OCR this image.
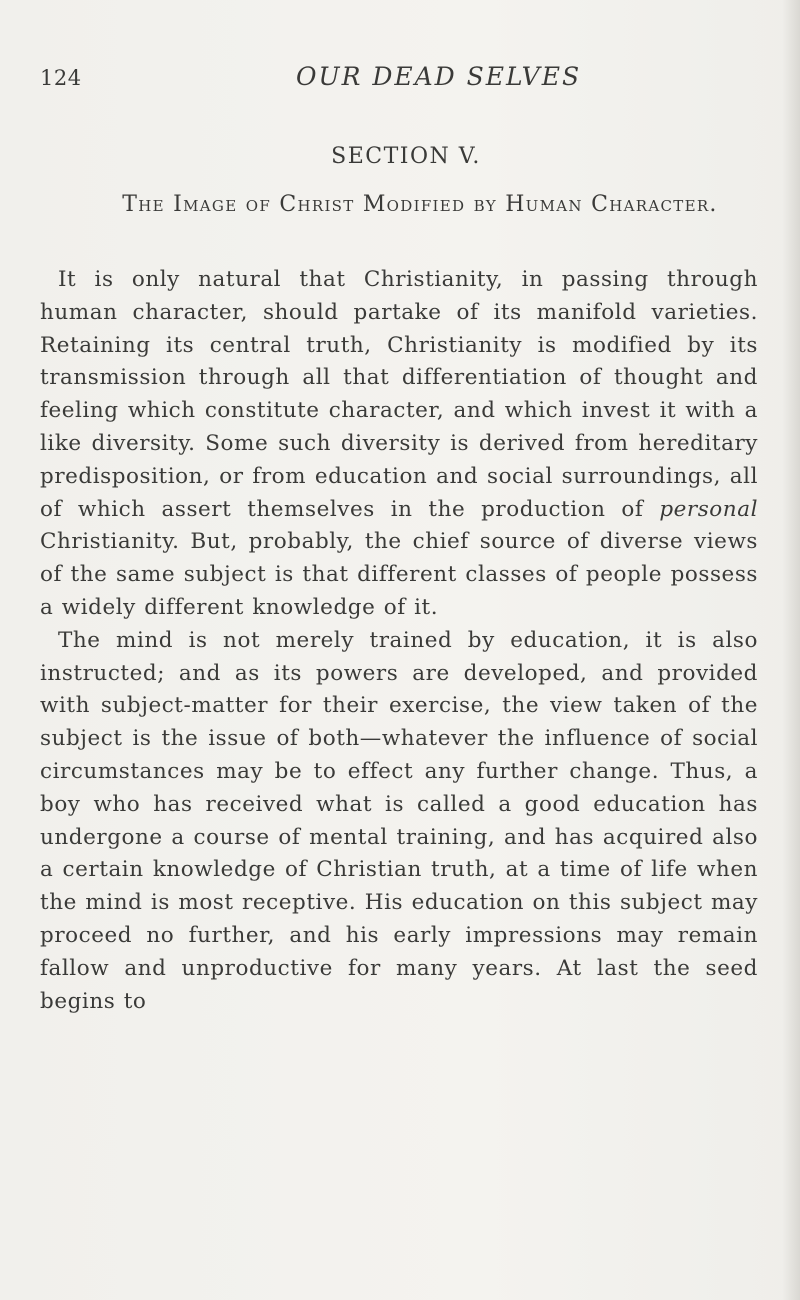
124	OUR DEAD SELVES
SECTION V.
The Image of Christ Modified by Human Character.

It is only natural that Christianity, in passing through human character, should partake of its manifold varieties. Retaining its central truth, Christianity is modified by its transmission through all that differentiation of thought and feeling which constitute character, and which invest it with a like diversity. Some such diversity is derived from hereditary predisposition, or from education and social surroundings, all of which assert themselves in the production of personal Christianity. But, probably, the chief source of diverse views of the same subject is that different classes of people possess a widely different knowledge of it.

The mind is not merely trained by education, it is also instructed; and as its powers are developed, and provided with subject-matter for their exercise, the view taken of the subject is the issue of both—whatever the influence of social circumstances may be to effect any further change. Thus, a boy who has received what is called a good education has undergone a course of mental training, and has acquired also a certain knowledge of Christian truth, at a time of life when the mind is most receptive. His education on this subject may proceed no further, and his early impressions may remain fallow and unproductive for many years. At last the seed begins to
